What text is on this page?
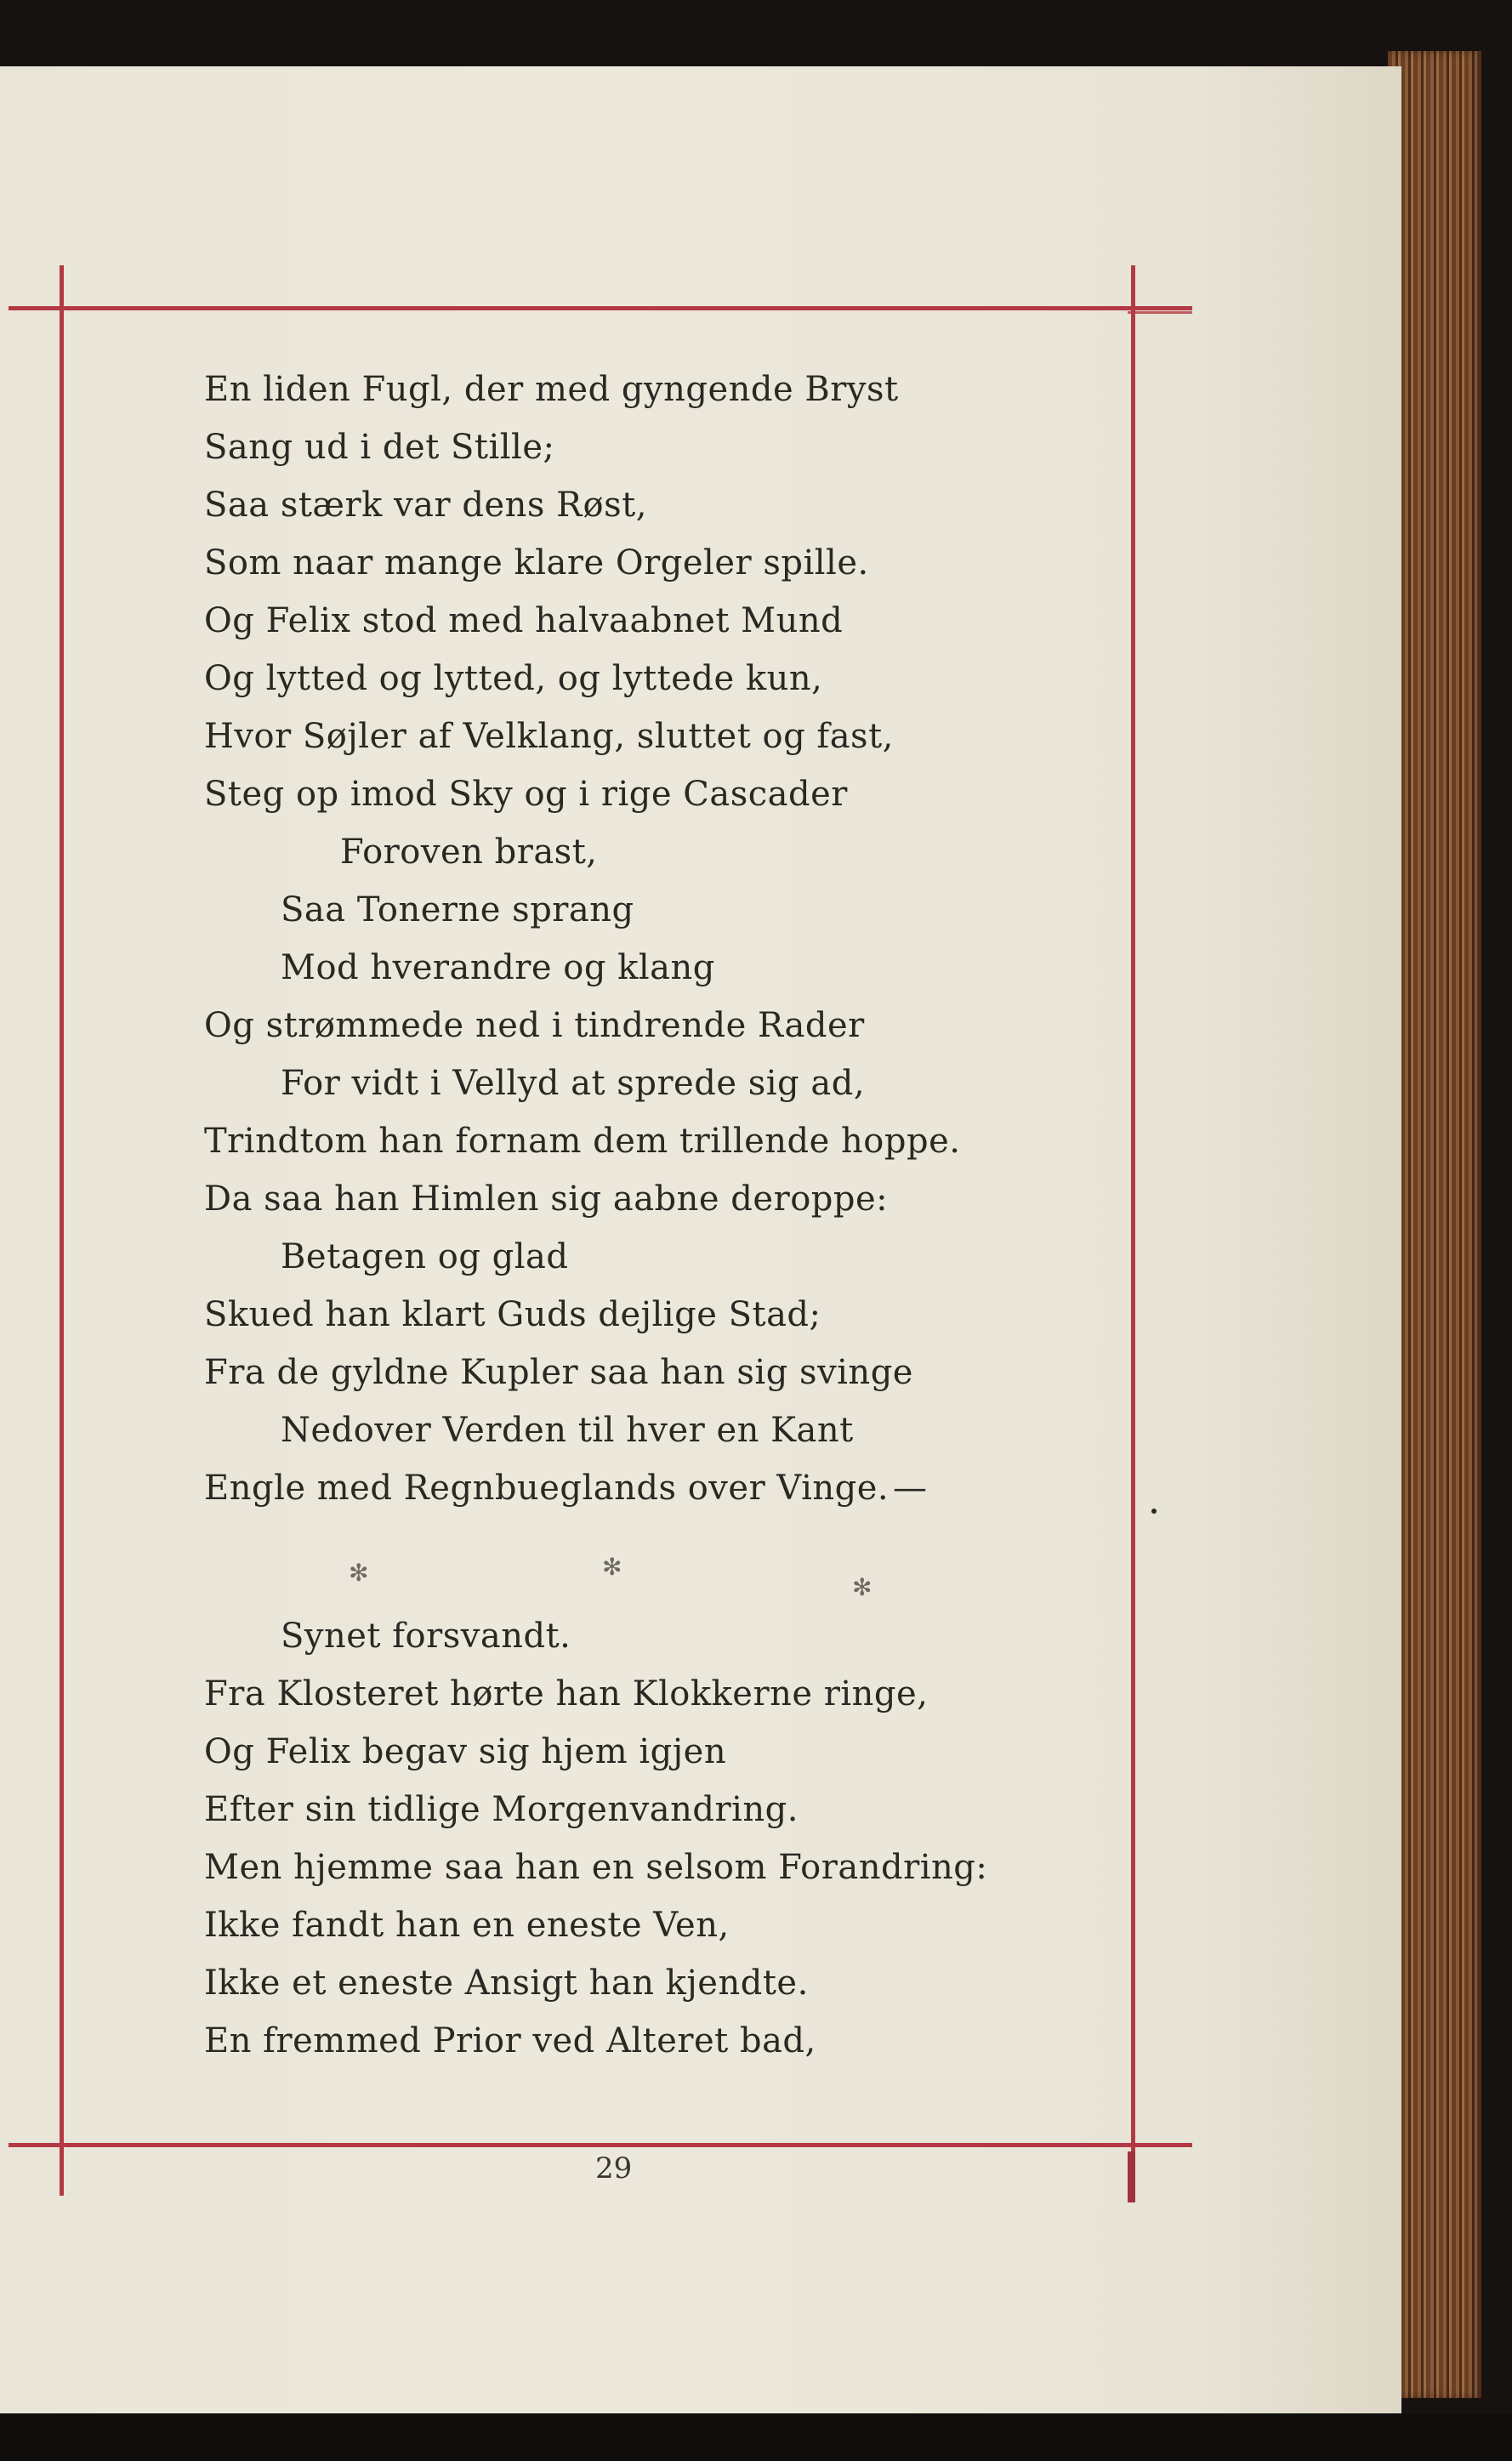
En liden Fugl, der med gyngende Bryst
Sang ud i det Stille;
Saa stærk var dens Røst,
Som naar mange klare Orgeler spille.
Og Felix stod med halvaabnet Mund
Og lytted og lytted, og lyttede kun,
Hvor Søjler af Velklang, sluttet og fast,
Steg op imod Sky og i rige Cascader
Foroven brast,
Saa Tonerne sprang
Mod hverandre og klang
Og strømmede ned i tindrende Rader
For vidt i Vellyd at sprede sig ad,
Trindtom han fornam dem trillende hoppe.
Da saa han Himlen sig aabne deroppe:
Betagen og glad
Skued han klart Guds dejlige Stad;
Fra de gyldne Kupler saa han sig svinge
Nedover Verden til hver en Kant
Engle med Regnbueglands over Vinge. —
✻	✻
✻
Synet forsvandt.
Fra Klosteret hørte han Klokkerne ringe,
Og Felix begav sig hjem igjen
Efter sin tidlige Morgenvandring.
Men hjemme saa han en selsom Forandring:
Ikke fandt han en eneste Ven,
Ikke et eneste Ansigt han kjendte.
En fremmed Prior ved Alteret bad,
29
